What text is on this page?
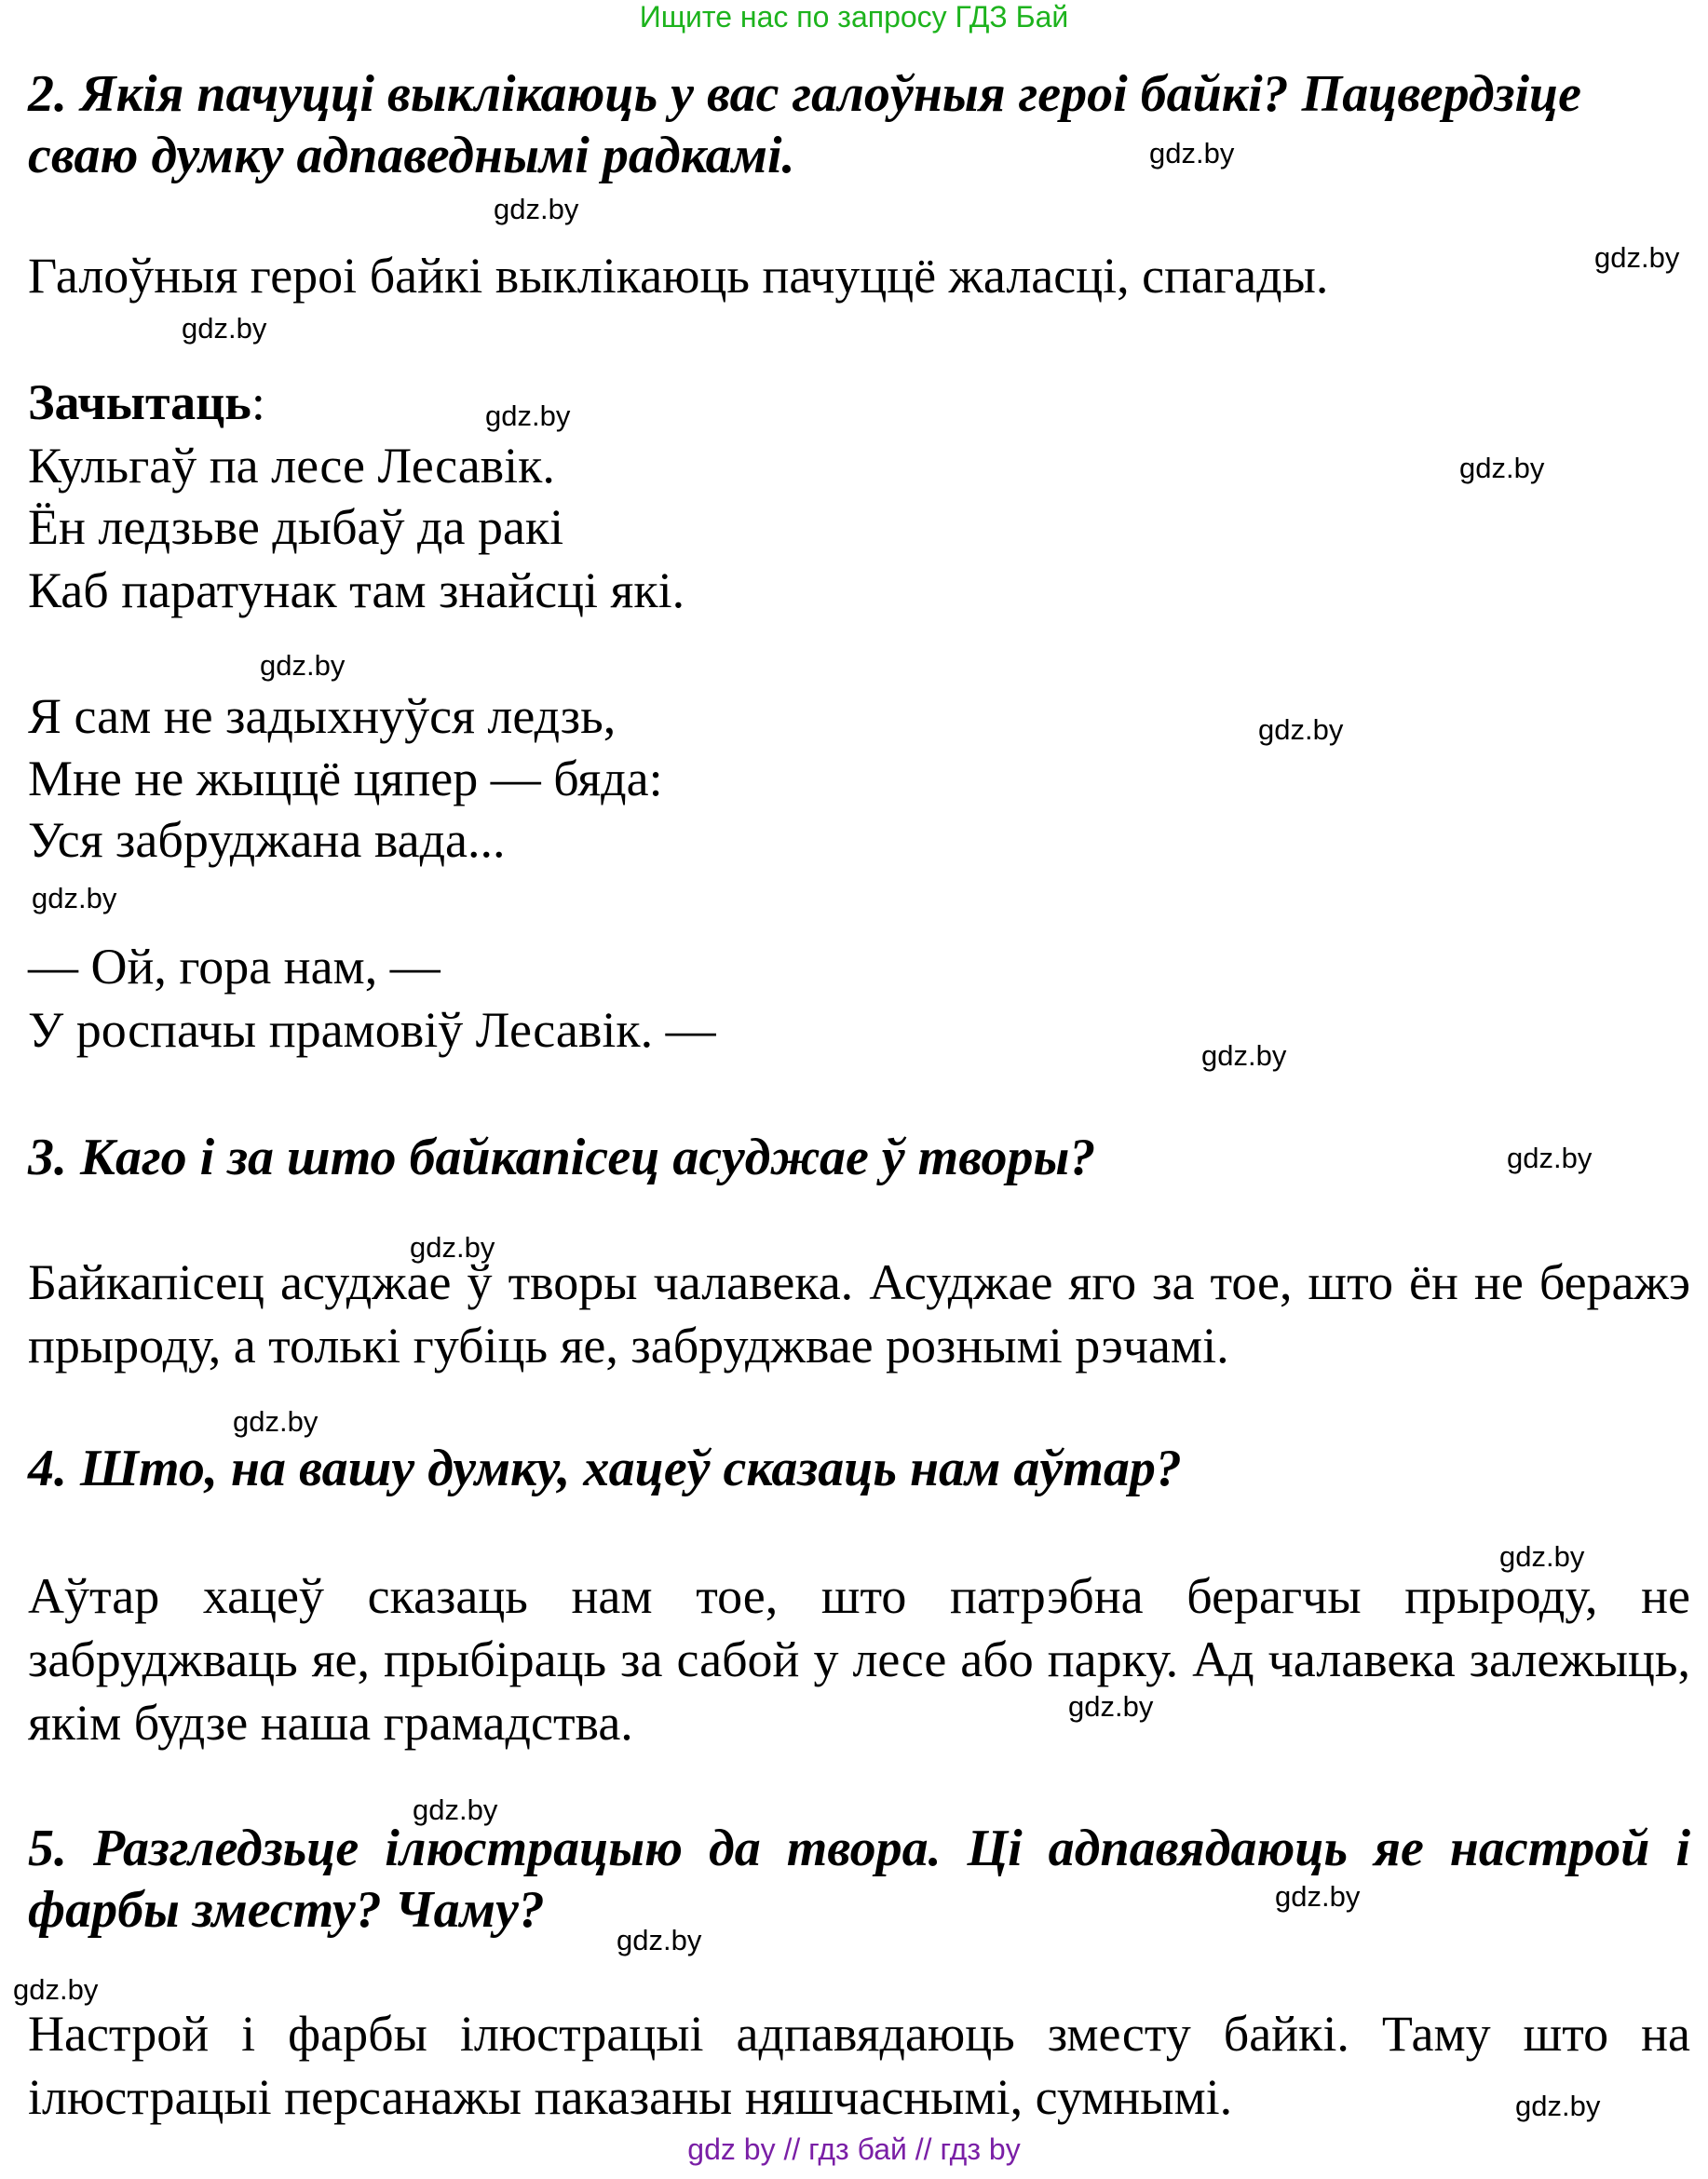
Ищите нас по запросу ГДЗ Бай
2. Якія пачуцці выклікаюць у вас галоўныя героі байкі? Пацвердзіце
сваю думку адпаведнымі радкамі.
Галоўныя героі байкі выклікаюць пачуццё жаласці, спагады.
Зачытаць:
Кульгаў па лесе Лесавік.
Ён ледзьве дыбаў да ракі
Каб паратунак там знайсці які.
Я сам не задыхнуўся ледзь,
Мне не жыццё цяпер — бяда:
Уся забруджана вада...
— Ой, гора нам, —
У роспачы прамовіў Лесавік. —
3. Каго і за што байкапісец асуджае ў творы?
Байкапісец асуджае ў творы чалавека. Асуджае яго за тое, што ён не беражэ прыроду, а толькі губіць яе, забруджвае рознымі рэчамі.
4. Што, на вашу думку, хацеў сказаць нам аўтар?
Аўтар хацеў сказаць нам тое, што патрэбна берагчы прыроду, не забруджваць яе, прыбіраць за сабой у лесе або парку. Ад чалавека залежыць, якім будзе наша грамадства.
5. Разгледзьце ілюстрацыю да твора. Ці адпавядаюць яе настрой і фарбы зместу? Чаму?
Настрой і фарбы ілюстрацыі адпавядаюць зместу байкі. Таму што на ілюстрацыі персанажы паказаны няшчаснымі, сумнымі.
gdz.by
gdz.by
gdz.by
gdz.by
gdz.by
gdz.by
gdz.by
gdz.by
gdz.by
gdz.by
gdz.by
gdz.by
gdz.by
gdz.by
gdz.by
gdz.by
gdz.by
gdz.by
gdz.by
gdz.by
gdz by // гдз бай // гдз by
